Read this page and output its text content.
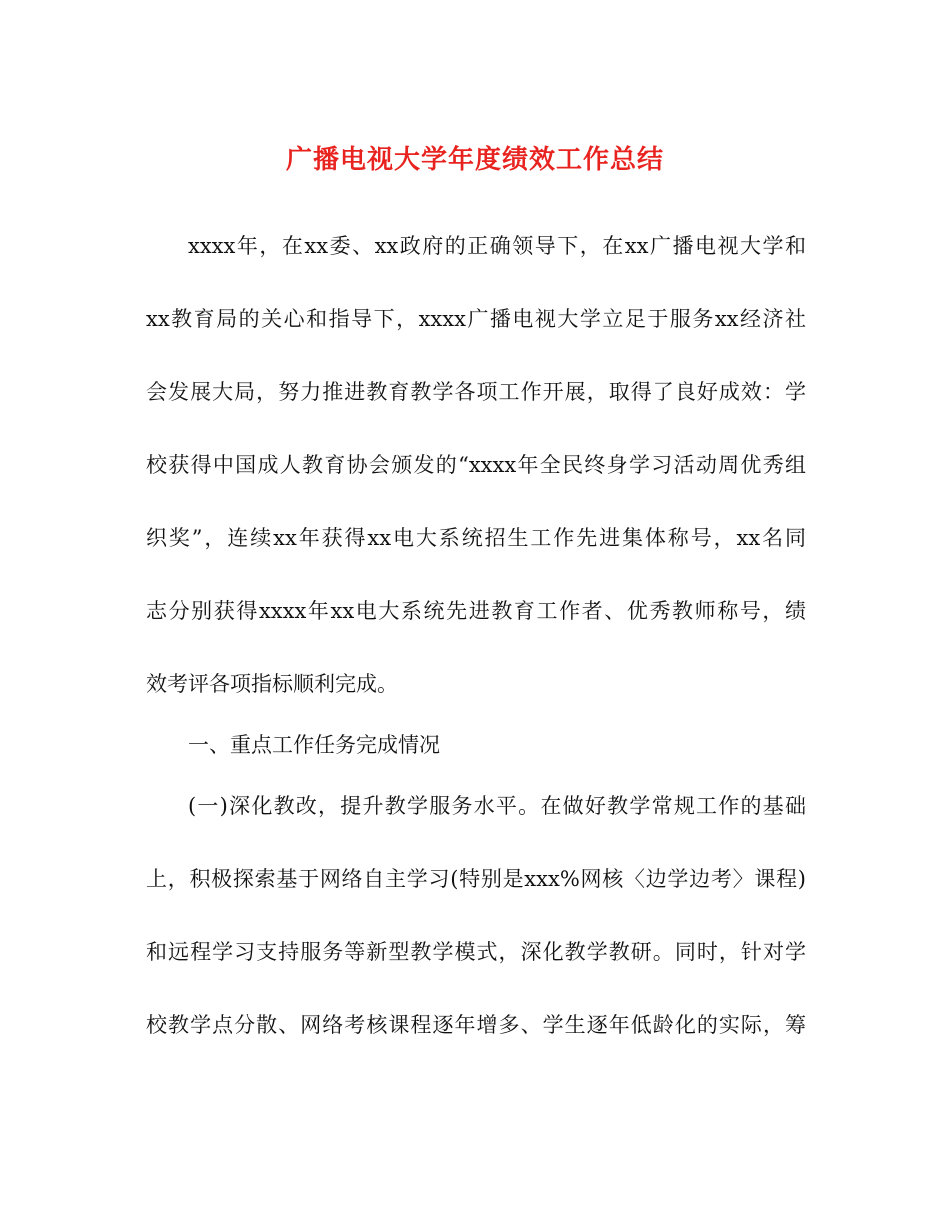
广播电视大学年度绩效工作总结
xxxx年，在xx委、xx政府的正确领导下，在xx广播电视大学和
xx教育局的关心和指导下，xxxx广播电视大学立足于服务xx经济社
会发展大局，努力推进教育教学各项工作开展，取得了良好成效：学
校获得中国成人教育协会颁发的“xxxx年全民终身学习活动周优秀组
织奖”，连续xx年获得xx电大系统招生工作先进集体称号，xx名同
志分别获得xxxx年xx电大系统先进教育工作者、优秀教师称号，绩
效考评各项指标顺利完成。
一、重点工作任务完成情况
(一)深化教改，提升教学服务水平。在做好教学常规工作的基础
上，积极探索基于网络自主学习(特别是xxx%网核〈边学边考〉课程)
和远程学习支持服务等新型教学模式，深化教学教研。同时，针对学
校教学点分散、网络考核课程逐年增多、学生逐年低龄化的实际，筹
